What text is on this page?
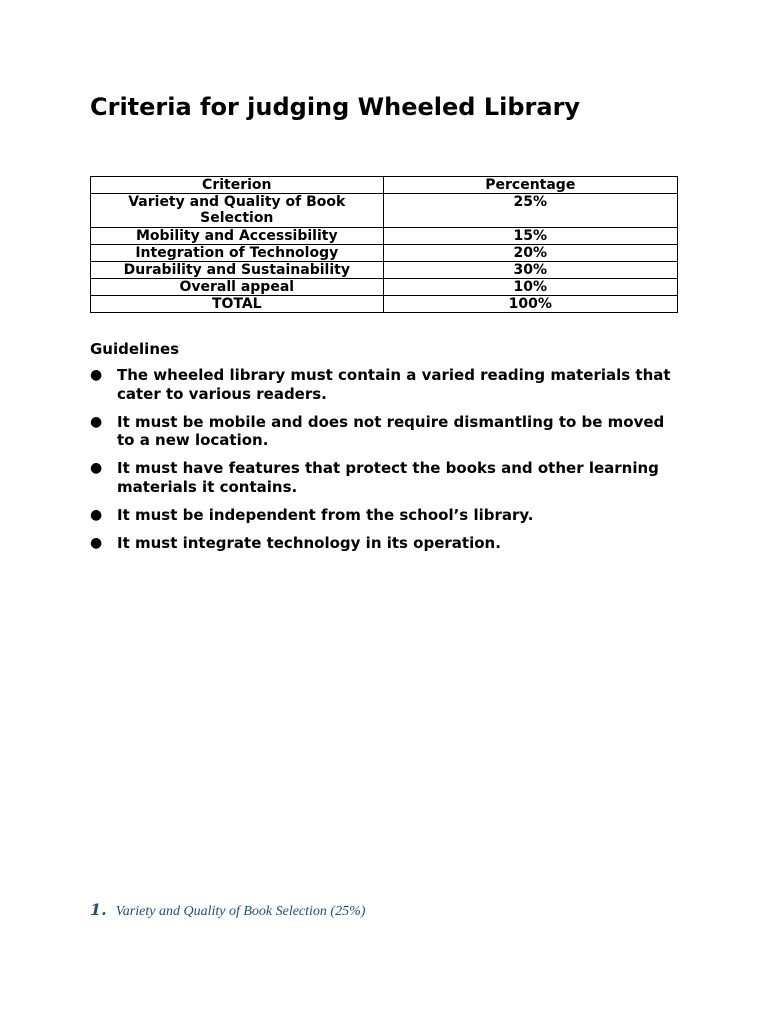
Criteria for judging Wheeled Library
Criterion	Percentage
Variety and Quality of Book Selection	25%
Mobility and Accessibility	15%
Integration of Technology	20%
Durability and Sustainability	30%
Overall appeal	10%
TOTAL	100%
Guidelines
● The wheeled library must contain a varied reading materials that cater to various readers.
● It must be mobile and does not require dismantling to be moved to a new location.
● It must have features that protect the books and other learning materials it contains.
● It must be independent from the school’s library.
● It must integrate technology in its operation.
1. Variety and Quality of Book Selection (25%)
